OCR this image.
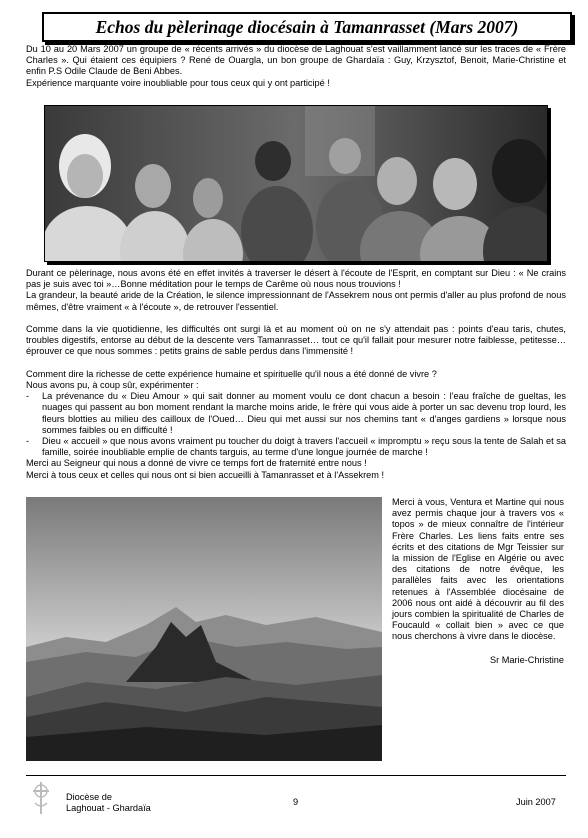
Echos du pèlerinage diocésain à Tamanrasset (Mars 2007)

Du 10 au 20 Mars 2007 un groupe de « récents arrivés » du diocèse de Laghouat s'est vaillamment lancé sur les traces de « Frère Charles ». Qui étaient ces équipiers ? René de Ouargla, un bon groupe de Ghardaïa : Guy, Krzysztof, Benoit, Marie-Christine et enfin P.S Odile Claude de Beni Abbes.

Expérience marquante voire inoubliable pour tous ceux qui y ont participé !

Durant ce pèlerinage, nous avons été en effet invités à traverser le désert à l'écoute de l'Esprit, en comptant sur Dieu : « Ne crains pas je suis avec toi »…Bonne méditation pour le temps de Carême où nous nous trouvions !

La grandeur, la beauté aride de la Création, le silence impressionnant de l'Assekrem nous ont permis d'aller au plus profond de nous mêmes, d'être vraiment « à l'écoute », de retrouver l'essentiel.

Comme dans la vie quotidienne, les difficultés ont surgi là et au moment où on ne s'y attendait pas : points d'eau taris, chutes, troubles digestifs, entorse au début de la descente vers Tamanrasset… tout ce qu'il fallait pour mesurer notre faiblesse, petitesse… éprouver ce que nous sommes : petits grains de sable perdus dans l'immensité !

Comment dire la richesse de cette expérience humaine et spirituelle qu'il nous a été donné de vivre ?

Nous avons pu, à coup sûr, expérimenter :

- La prévenance du « Dieu Amour » qui sait donner au moment voulu ce dont chacun a besoin : l'eau fraîche de gueltas, les nuages qui passent au bon moment rendant la marche moins aride, le frère qui vous aide à porter un sac devenu trop lourd, les fleurs blotties au milieu des cailloux de l'Oued… Dieu qui met aussi sur nos chemins tant « d'anges gardiens » lorsque nous sommes faibles ou en difficulté !
- Dieu « accueil » que nous avons vraiment pu toucher du doigt à travers l'accueil « impromptu » reçu sous la tente de Salah et sa famille, soirée inoubliable emplie de chants targuis, au terme d'une longue journée de marche !

Merci au Seigneur qui nous a donné de vivre ce temps fort de fraternité entre nous !

Merci à tous ceux et celles qui nous ont si bien accueilli à Tamanrasset et à l'Assekrem !

Merci à vous, Ventura et Martine qui nous avez permis chaque jour à travers vos « topos » de mieux connaître de l'intérieur Frère Charles. Les liens faits entre ses écrits et des citations de Mgr Teissier sur la mission de l'Eglise en Algérie ou avec des citations de notre évêque, les parallèles faits avec les orientations retenues à l'Assemblée diocésaine de 2006 nous ont aidé à découvrir au fil des jours combien la spiritualité de Charles de Foucauld « collait bien » avec ce que nous cherchons à vivre dans le diocèse.

Sr Marie-Christine

Diocèse de
Laghouat - Ghardaïa
9	Juin 2007
